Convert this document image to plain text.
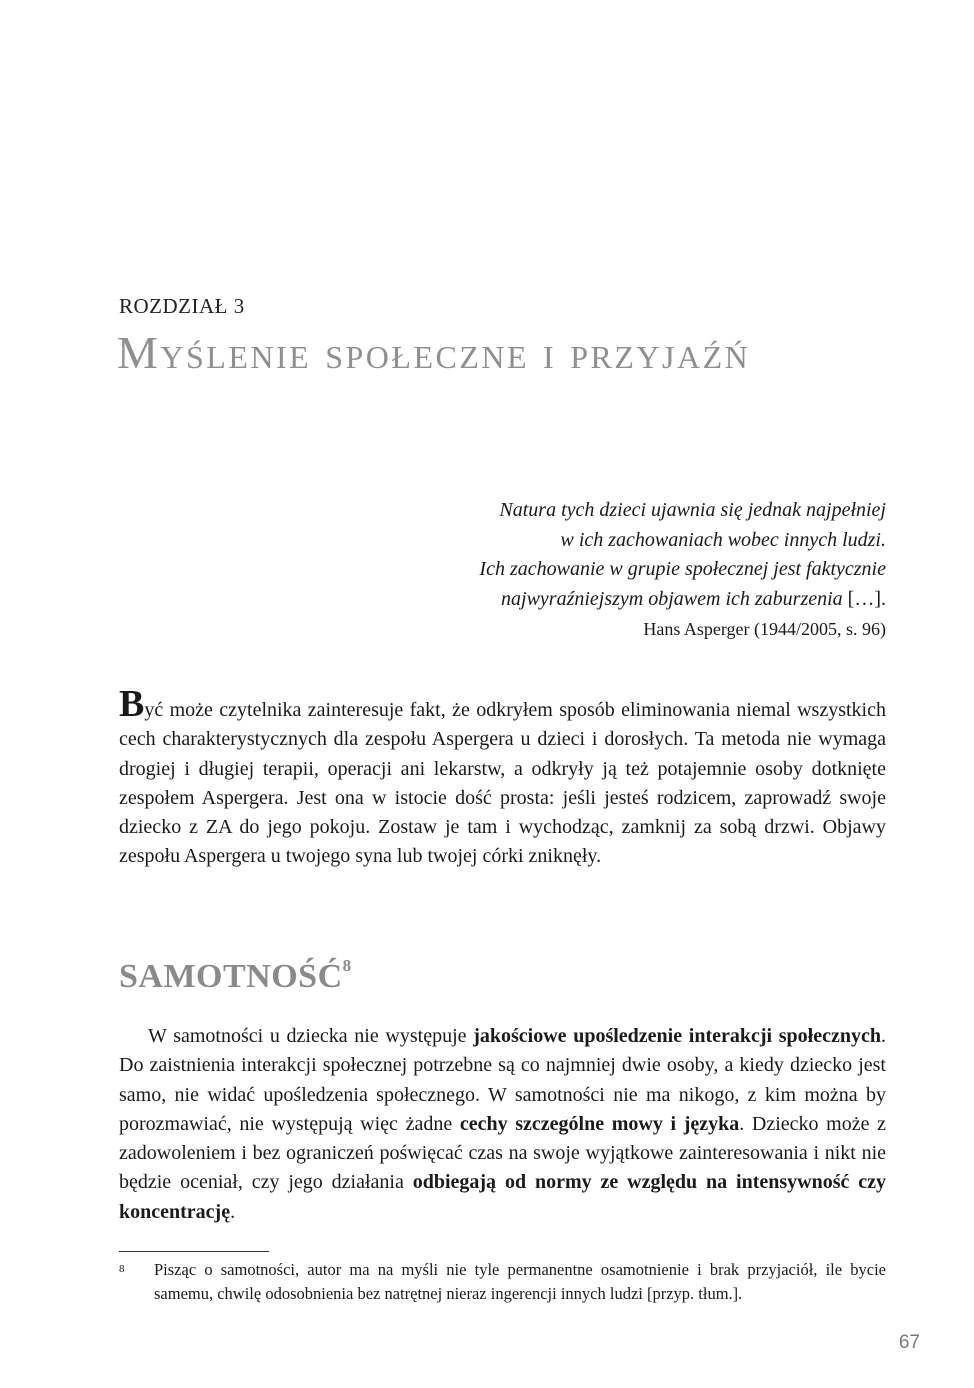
ROZDZIAŁ 3
Myślenie społeczne i przyjaźń
Natura tych dzieci ujawnia się jednak najpełniej
w ich zachowaniach wobec innych ludzi.
Ich zachowanie w grupie społecznej jest faktycznie
najwyraźniejszym objawem ich zaburzenia […].
Hans Asperger (1944/2005, s. 96)
Być może czytelnika zainteresuje fakt, że odkryłem sposób eliminowania niemal wszystkich cech charakterystycznych dla zespołu Aspergera u dzieci i dorosłych. Ta metoda nie wymaga drogiej i długiej terapii, operacji ani lekarstw, a odkryły ją też potajemnie osoby dotknięte zespołem Aspergera. Jest ona w istocie dość prosta: jeśli jesteś rodzicem, zaprowadź swoje dziecko z ZA do jego pokoju. Zostaw je tam i wychodząc, zamknij za sobą drzwi. Objawy zespołu Aspergera u twojego syna lub twojej córki zniknęły.
SAMOTNOŚĆ$^8$
W samotności u dziecka nie występuje jakościowe upośledzenie interakcji społecznych. Do zaistnienia interakcji społecznej potrzebne są co najmniej dwie osoby, a kiedy dziecko jest samo, nie widać upośledzenia społecznego. W samotności nie ma nikogo, z kim można by porozmawiać, nie występują więc żadne cechy szczególne mowy i języka. Dziecko może z zadowoleniem i bez ograniczeń poświęcać czas na swoje wyjątkowe zainteresowania i nikt nie będzie oceniał, czy jego działania odbiegają od normy ze względu na intensywność czy koncentrację.
8 Pisząc o samotności, autor ma na myśli nie tyle permanentne osamotnienie i brak przyjaciół, ile bycie samemu, chwilę odosobnienia bez natrętnej nieraz ingerencji innych ludzi [przyp. tłum.].
67
